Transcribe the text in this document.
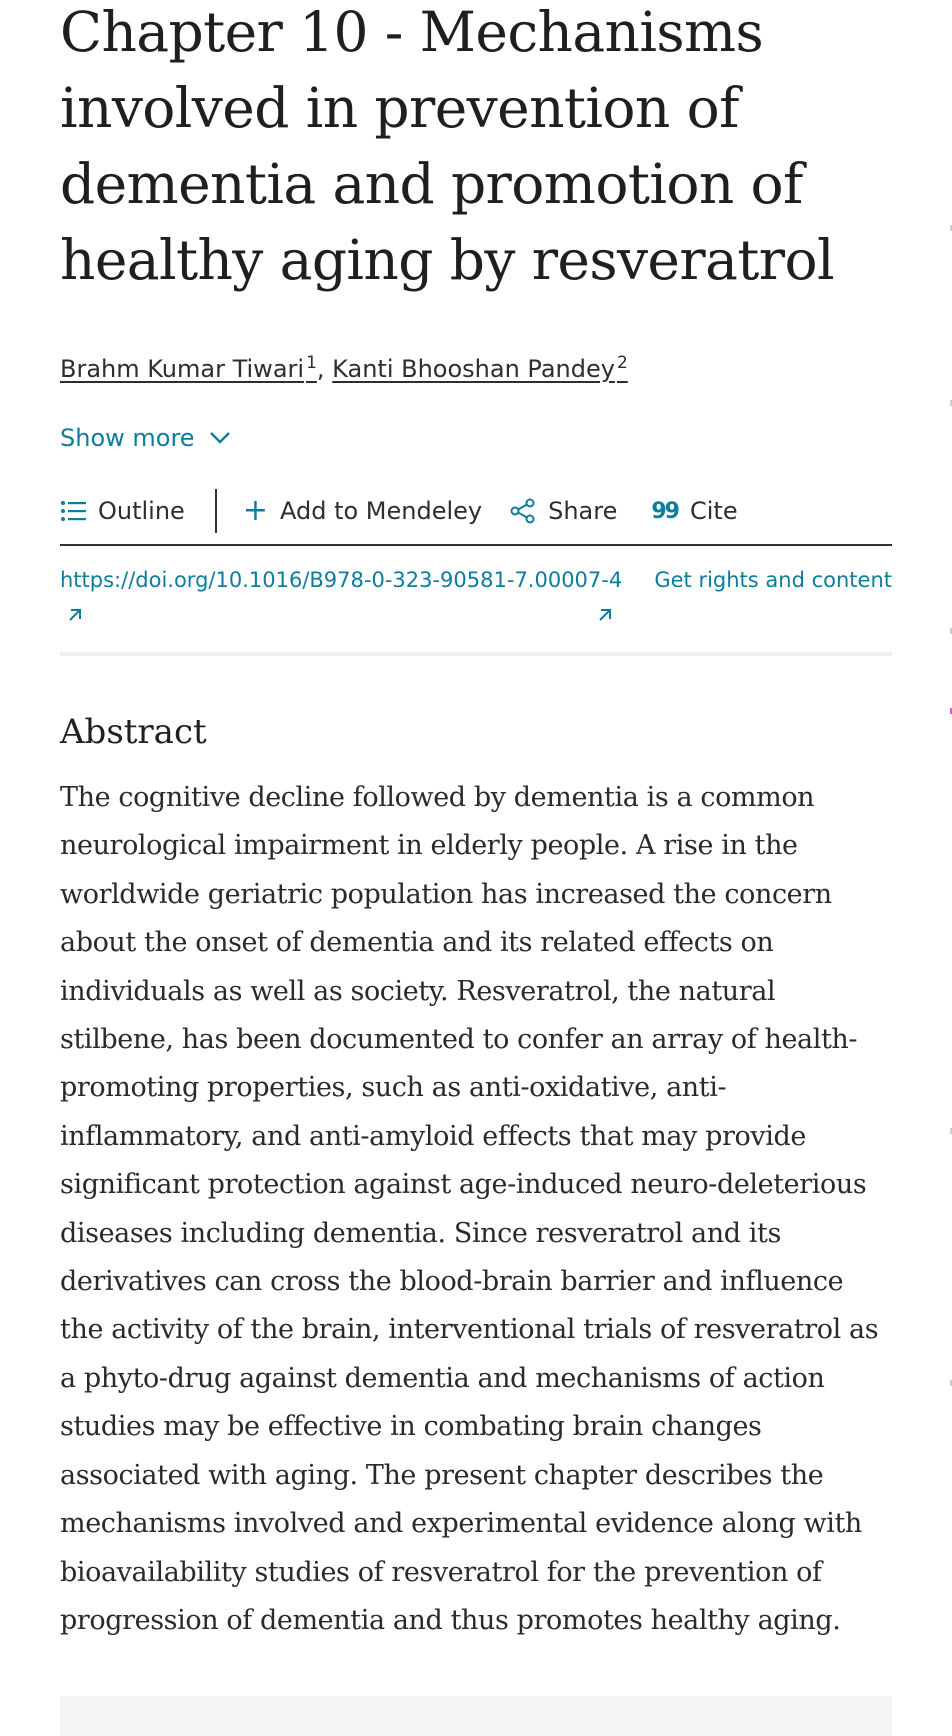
Chapter 10 - Mechanisms involved in prevention of dementia and promotion of healthy aging by resveratrol
Brahm Kumar Tiwari $^1$, Kanti Bhooshan Pandey $^2$
Show more
Outline + Add to Mendeley	Share 99 Cite
https://doi.org/10.1016/B978-0-323-90581-7.00007-4 Get rights and content
Abstract

The cognitive decline followed by dementia is a common neurological impairment in elderly people. A rise in the worldwide geriatric population has increased the concern about the onset of dementia and its related effects on individuals as well as society. Resveratrol, the natural stilbene, has been documented to confer an array of health-promoting properties, such as anti-oxidative, anti-inflammatory, and anti-amyloid effects that may provide significant protection against age-induced neuro-deleterious diseases including dementia. Since resveratrol and its derivatives can cross the blood-brain barrier and influence the activity of the brain, interventional trials of resveratrol as a phyto-drug against dementia and mechanisms of action studies may be effective in combating brain changes associated with aging. The present chapter describes the mechanisms involved and experimental evidence along with bioavailability studies of resveratrol for the prevention of progression of dementia and thus promotes healthy aging.
